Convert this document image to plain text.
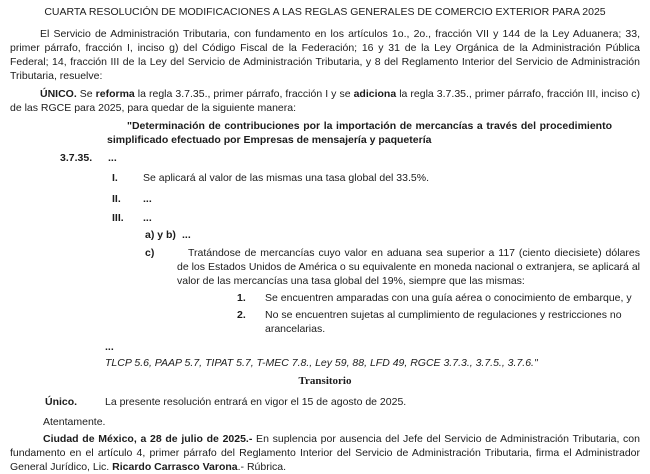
CUARTA RESOLUCIÓN DE MODIFICACIONES A LAS REGLAS GENERALES DE COMERCIO EXTERIOR PARA 2025

El Servicio de Administración Tributaria, con fundamento en los artículos 1o., 2o., fracción VII y 144 de la Ley Aduanera; 33, primer párrafo, fracción I, inciso g) del Código Fiscal de la Federación; 16 y 31 de la Ley Orgánica de la Administración Pública Federal; 14, fracción III de la Ley del Servicio de Administración Tributaria, y 8 del Reglamento Interior del Servicio de Administración Tributaria, resuelve:

ÚNICO. Se reforma la regla 3.7.35., primer párrafo, fracción I y se adiciona la regla 3.7.35., primer párrafo, fracción III, inciso c) de las RGCE para 2025, para quedar de la siguiente manera:

"Determinación de contribuciones por la importación de mercancías a través del procedimiento simplificado efectuado por Empresas de mensajería y paquetería

3.7.35.	...
I.	Se aplicará al valor de las mismas una tasa global del 33.5%.
II.	...
III.	...
a) y b) ...
c)	Tratándose de mercancías cuyo valor en aduana sea superior a 117 (ciento diecisiete) dólares de los Estados Unidos de América o su equivalente en moneda nacional o extranjera, se aplicará al valor de las mercancías una tasa global del 19%, siempre que las mismas:
1.	Se encuentren amparadas con una guía aérea o conocimiento de embarque, y
2.	No se encuentren sujetas al cumplimiento de regulaciones y restricciones no arancelarias.
...
TLCP 5.6, PAAP 5.7, TIPAT 5.7, T-MEC 7.8., Ley 59, 88, LFD 49, RGCE 3.7.3., 3.7.5., 3.7.6."
Transitorio
Único.	La presente resolución entrará en vigor el 15 de agosto de 2025.

Atentamente.

Ciudad de México, a 28 de julio de 2025.- En suplencia por ausencia del Jefe del Servicio de Administración Tributaria, con fundamento en el artículo 4, primer párrafo del Reglamento Interior del Servicio de Administración Tributaria, firma el Administrador General Jurídico, Lic. Ricardo Carrasco Varona.- Rúbrica.
